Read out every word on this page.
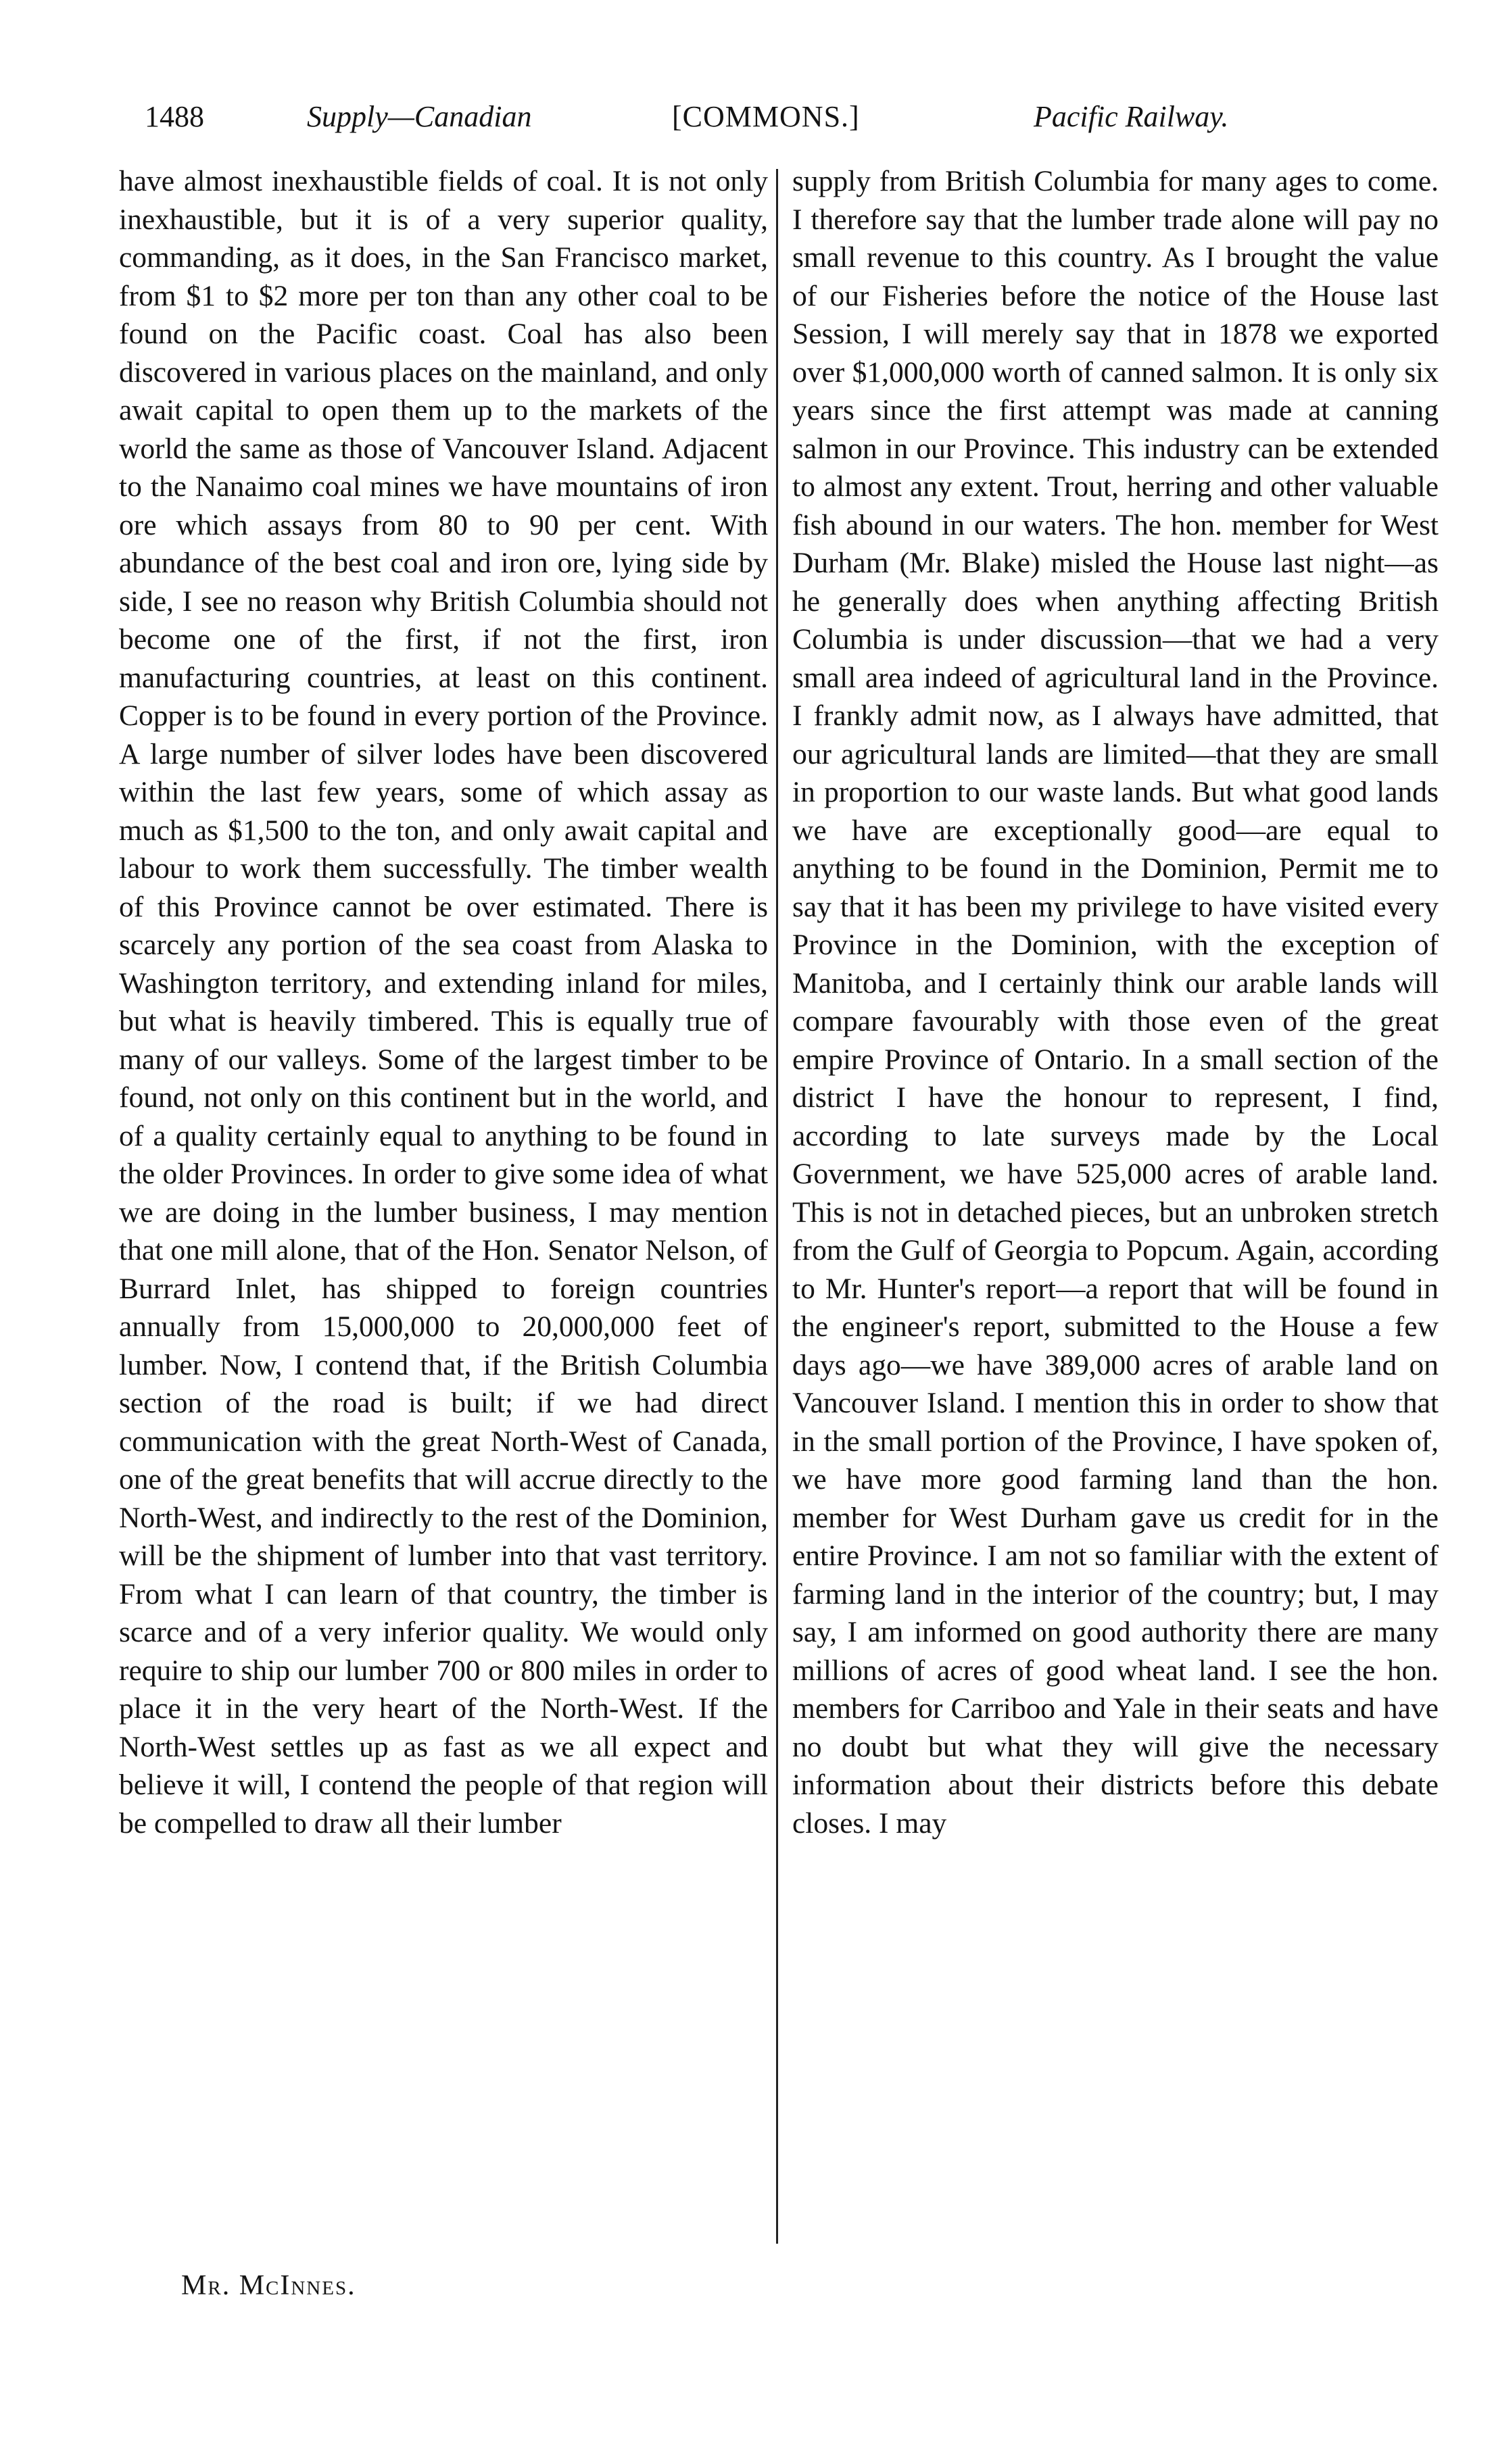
1488	Supply—Canadian	[COMMONS.]	Pacific Railway.
have almost inexhaustible fields of coal. It is not only inexhaustible, but it is of a very superior quality, commanding, as it does, in the San Francisco market, from $1 to $2 more per ton than any other coal to be found on the Pacific coast. Coal has also been discovered in various places on the mainland, and only await capital to open them up to the markets of the world the same as those of Vancouver Island. Adjacent to the Nanaimo coal mines we have mountains of iron ore which assays from 80 to 90 per cent. With abundance of the best coal and iron ore, lying side by side, I see no reason why British Columbia should not become one of the first, if not the first, iron manufacturing countries, at least on this continent. Copper is to be found in every portion of the Province. A large number of silver lodes have been discovered within the last few years, some of which assay as much as $1,500 to the ton, and only await capital and labour to work them successfully. The timber wealth of this Province cannot be over estimated. There is scarcely any portion of the sea coast from Alaska to Washington territory, and extending inland for miles, but what is heavily timbered. This is equally true of many of our valleys. Some of the largest timber to be found, not only on this continent but in the world, and of a quality certainly equal to anything to be found in the older Provinces. In order to give some idea of what we are doing in the lumber business, I may mention that one mill alone, that of the Hon. Senator Nelson, of Burrard Inlet, has shipped to foreign countries annually from 15,000,000 to 20,000,000 feet of lumber. Now, I contend that, if the British Columbia section of the road is built; if we had direct communication with the great North-West of Canada, one of the great benefits that will accrue directly to the North-West, and indirectly to the rest of the Dominion, will be the shipment of lumber into that vast territory. From what I can learn of that country, the timber is scarce and of a very inferior quality. We would only require to ship our lumber 700 or 800 miles in order to place it in the very heart of the North-West. If the North-West settles up as fast as we all expect and believe it will, I contend the people of that region will be compelled to draw all their lumber
supply from British Columbia for many ages to come. I therefore say that the lumber trade alone will pay no small revenue to this country. As I brought the value of our Fisheries before the notice of the House last Session, I will merely say that in 1878 we exported over $1,000,000 worth of canned salmon. It is only six years since the first attempt was made at canning salmon in our Province. This industry can be extended to almost any extent. Trout, herring and other valuable fish abound in our waters. The hon. member for West Durham (Mr. Blake) misled the House last night—as he generally does when anything affecting British Columbia is under discussion—that we had a very small area indeed of agricultural land in the Province. I frankly admit now, as I always have admitted, that our agricultural lands are limited—that they are small in proportion to our waste lands. But what good lands we have are exceptionally good—are equal to anything to be found in the Dominion, Permit me to say that it has been my privilege to have visited every Province in the Dominion, with the exception of Manitoba, and I certainly think our arable lands will compare favourably with those even of the great empire Province of Ontario. In a small section of the district I have the honour to represent, I find, according to late surveys made by the Local Government, we have 525,000 acres of arable land. This is not in detached pieces, but an unbroken stretch from the Gulf of Georgia to Popcum. Again, according to Mr. Hunter's report—a report that will be found in the engineer's report, submitted to the House a few days ago—we have 389,000 acres of arable land on Vancouver Island. I mention this in order to show that in the small portion of the Province, I have spoken of, we have more good farming land than the hon. member for West Durham gave us credit for in the entire Province. I am not so familiar with the extent of farming land in the interior of the country; but, I may say, I am informed on good authority there are many millions of acres of good wheat land. I see the hon. members for Carriboo and Yale in their seats and have no doubt but what they will give the necessary information about their districts before this debate closes. I may
Mr. McInnes.
